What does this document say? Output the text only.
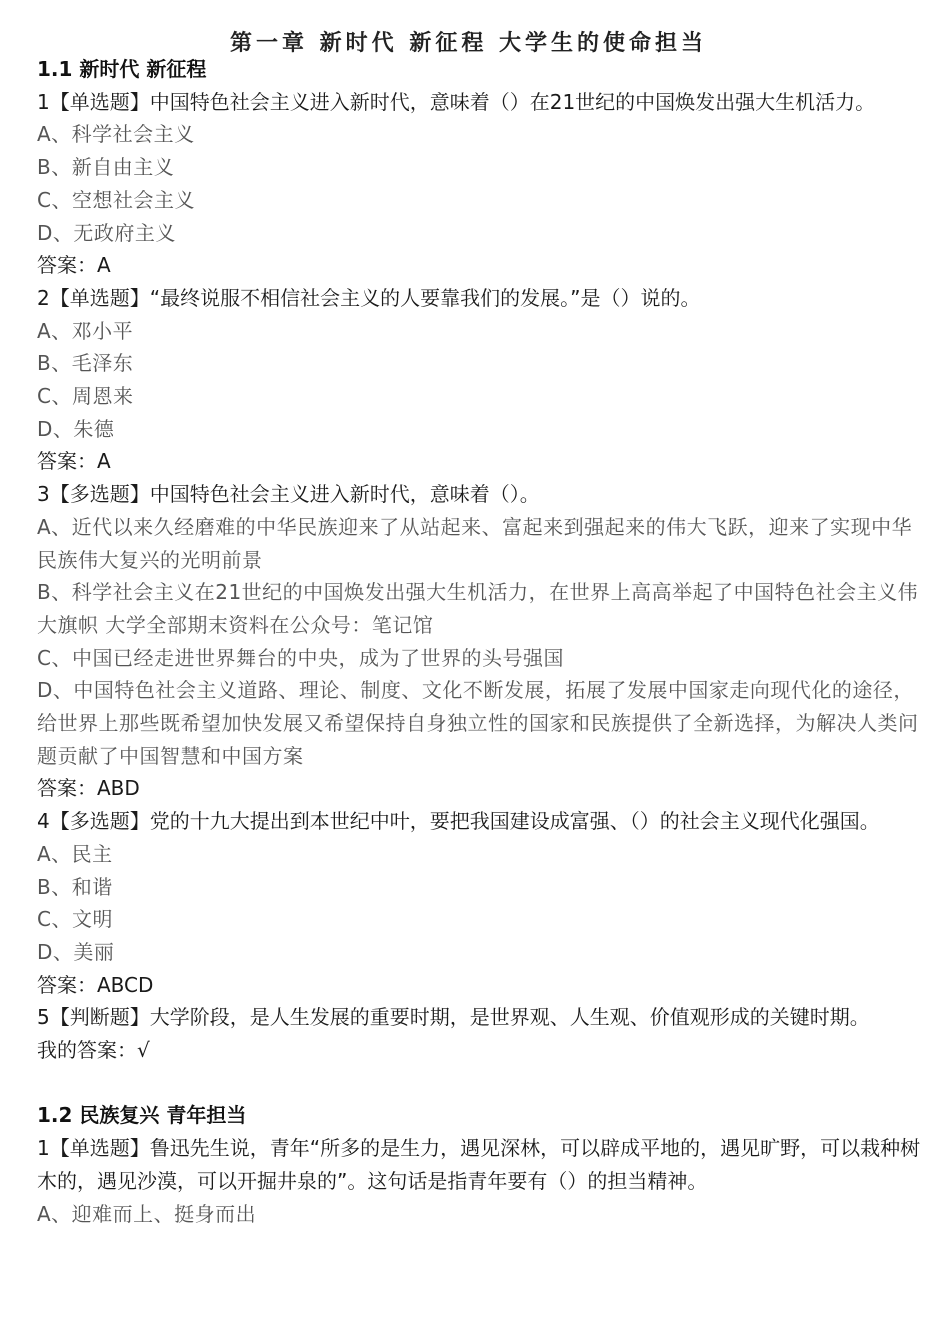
第一章 新时代 新征程 大学生的使命担当

1.1 新时代 新征程

1【单选题】中国特色社会主义进入新时代，意味着（）在21世纪的中国焕发出强大生机活力。

A、科学社会主义

B、新自由主义

C、空想社会主义

D、无政府主义

答案：A

2【单选题】“最终说服不相信社会主义的人要靠我们的发展。”是（）说的。

A、邓小平

B、毛泽东

C、周恩来

D、朱德

答案：A

3【多选题】中国特色社会主义进入新时代，意味着（）。

A、近代以来久经磨难的中华民族迎来了从站起来、富起来到强起来的伟大飞跃，迎来了实现中华民族伟大复兴的光明前景

B、科学社会主义在21世纪的中国焕发出强大生机活力，在世界上高高举起了中国特色社会主义伟大旗帜 大学全部期末资料在公众号：笔记馆

C、中国已经走进世界舞台的中央，成为了世界的头号强国

D、中国特色社会主义道路、理论、制度、文化不断发展，拓展了发展中国家走向现代化的途径，给世界上那些既希望加快发展又希望保持自身独立性的国家和民族提供了全新选择，为解决人类问题贡献了中国智慧和中国方案

答案：ABD

4【多选题】党的十九大提出到本世纪中叶，要把我国建设成富强、（）的社会主义现代化强国。

A、民主

B、和谐

C、文明

D、美丽

答案：ABCD

5【判断题】大学阶段，是人生发展的重要时期，是世界观、人生观、价值观形成的关键时期。

我的答案：√

1.2 民族复兴 青年担当

1【单选题】鲁迅先生说，青年“所多的是生力，遇见深林，可以辟成平地的，遇见旷野，可以栽种树木的，遇见沙漠，可以开掘井泉的”。这句话是指青年要有（）的担当精神。

A、迎难而上、挺身而出
